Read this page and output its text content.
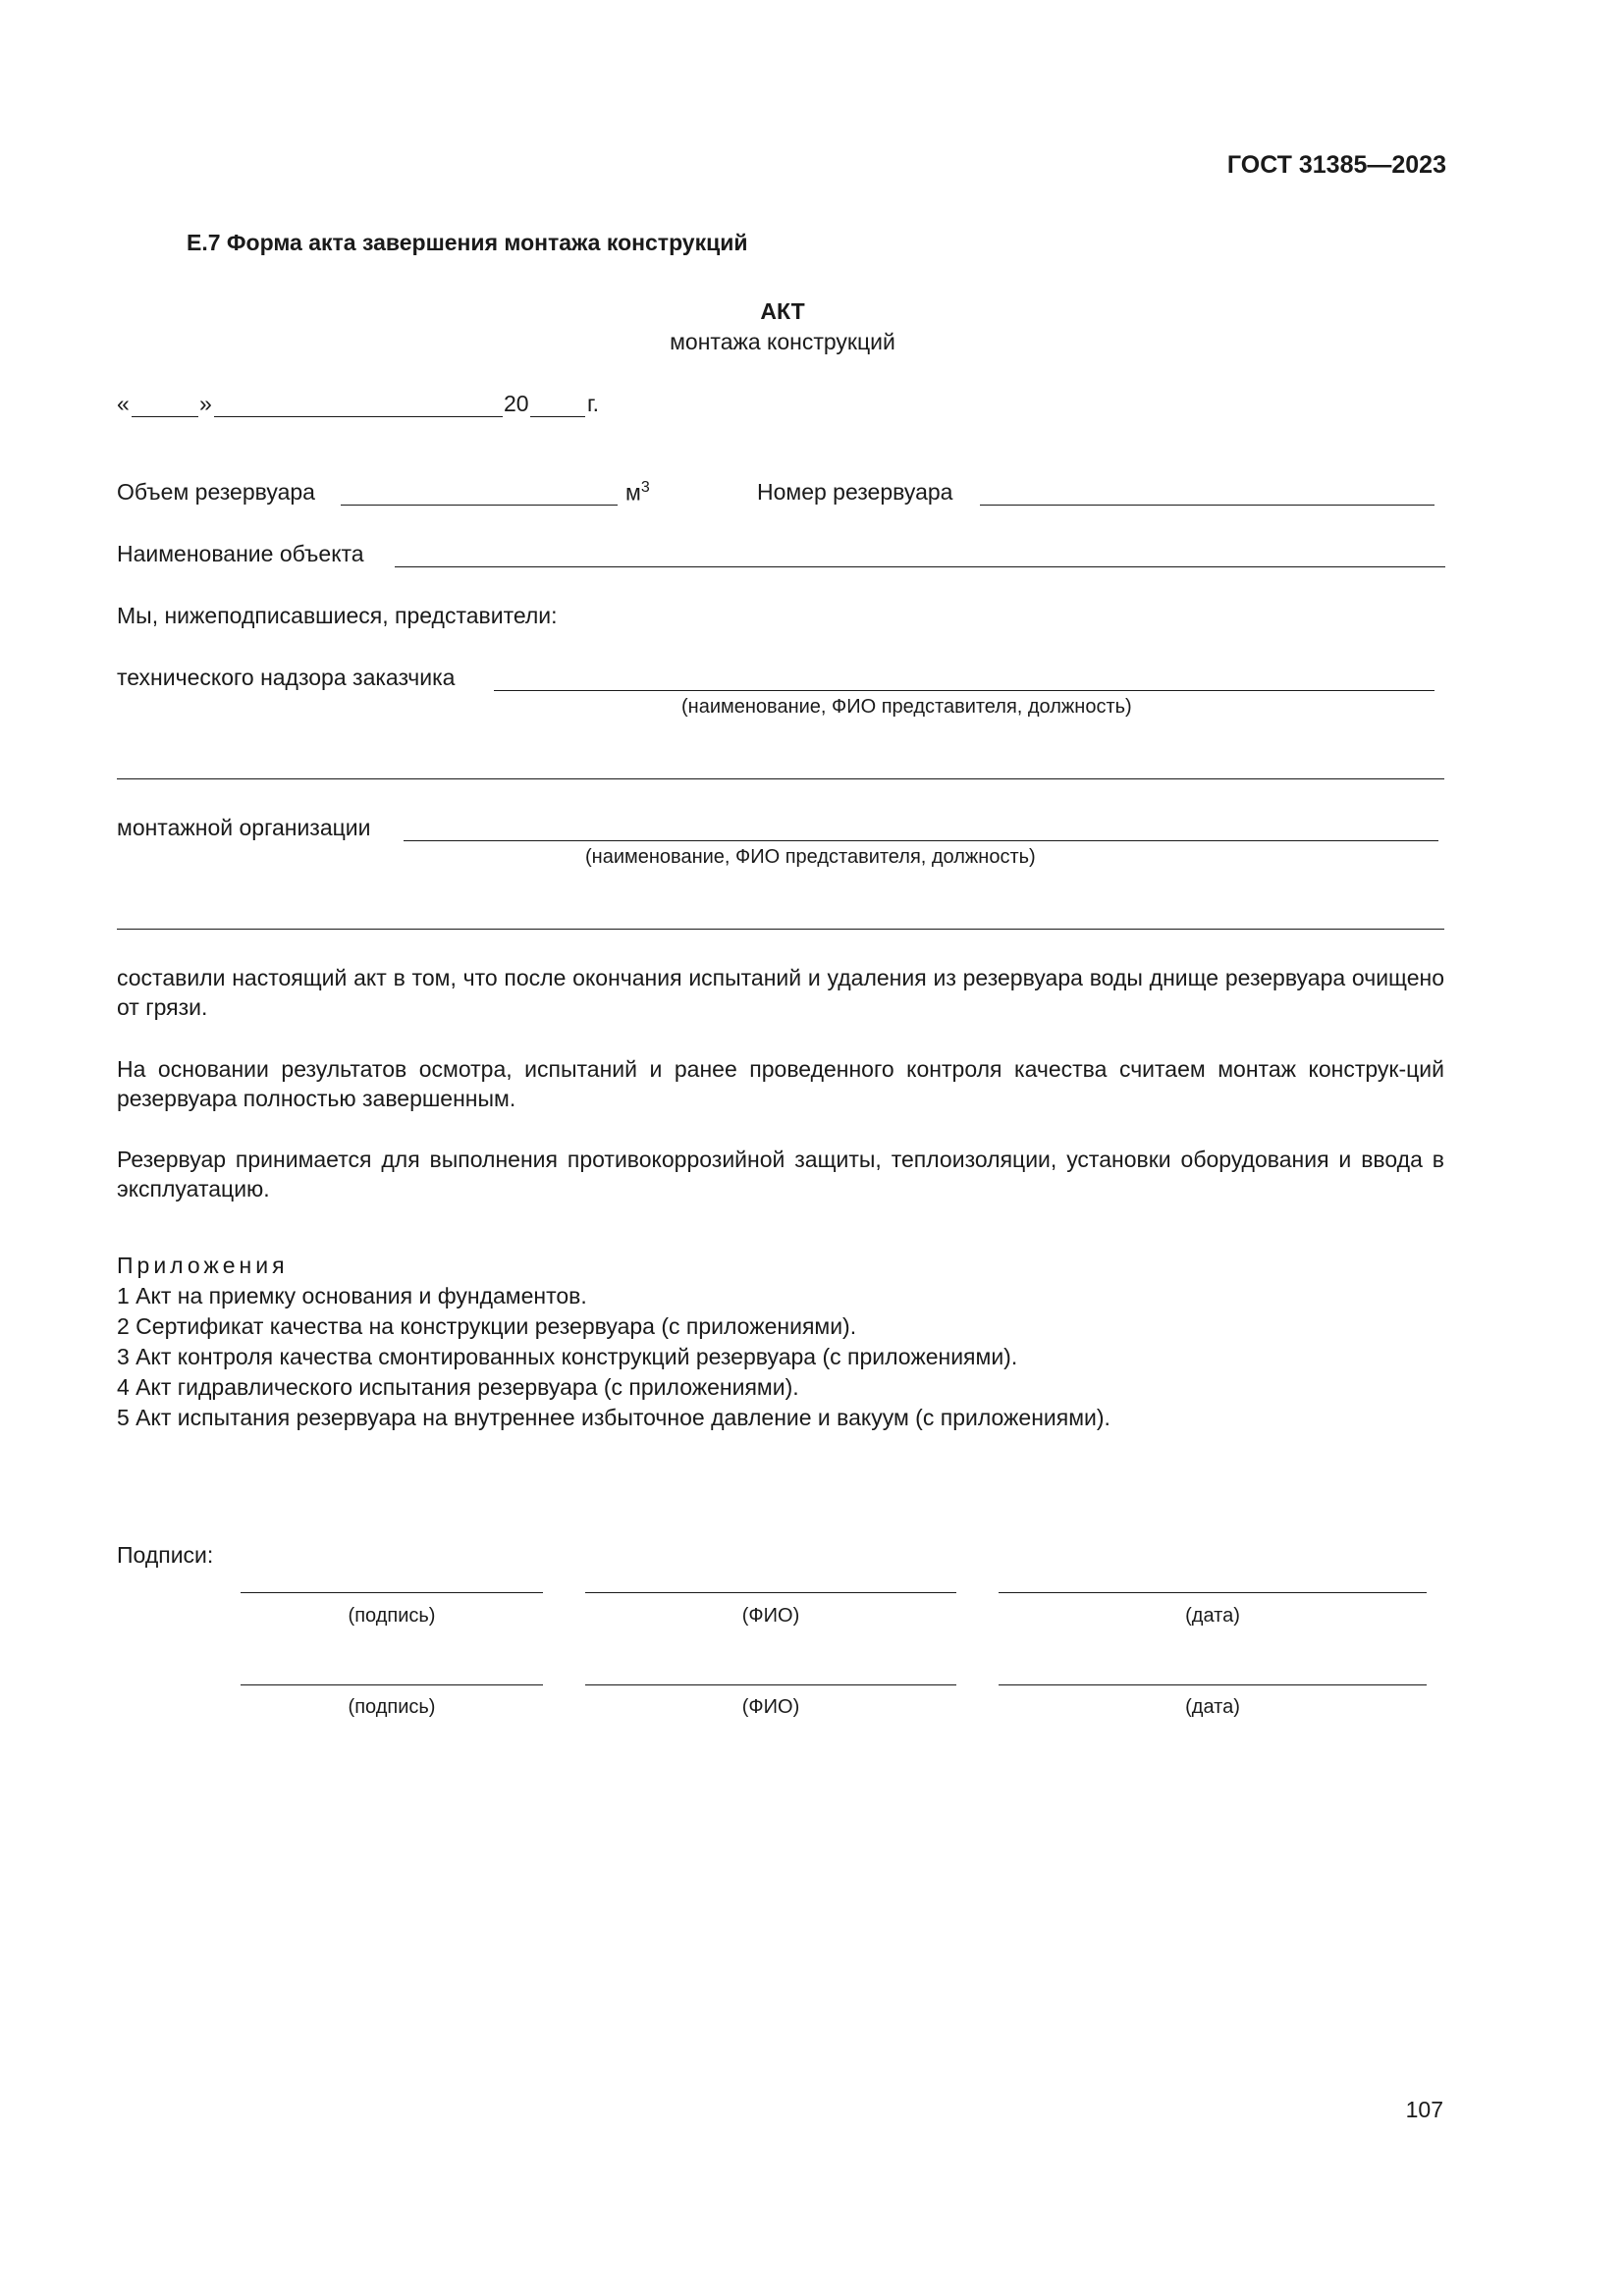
ГОСТ 31385—2023
Е.7 Форма акта завершения монтажа конструкций
АКТ
монтажа конструкций
«	»	20	г.
Объем резервуара	$м^3$	Номер резервуара
Наименование объекта
Мы, нижеподписавшиеся, представители:
технического надзора заказчика
(наименование, ФИО представителя, должность)
монтажной организации
(наименование, ФИО представителя, должность)
составили настоящий акт в том, что после окончания испытаний и удаления из резервуара воды днище резервуара очищено от грязи.
На основании результатов осмотра, испытаний и ранее проведенного контроля качества считаем монтаж конструк-ций резервуара полностью завершенным.
Резервуар принимается для выполнения противокоррозийной защиты, теплоизоляции, установки оборудования и ввода в эксплуатацию.
Приложения
1 Акт на приемку основания и фундаментов.
2 Сертификат качества на конструкции резервуара (с приложениями).
3 Акт контроля качества смонтированных конструкций резервуара (с приложениями).
4 Акт гидравлического испытания резервуара (с приложениями).
5 Акт испытания резервуара на внутреннее избыточное давление и вакуум (с приложениями).
Подписи:
(подпись)	(ФИО)	(дата)
(подпись)	(ФИО)	(дата)
107
